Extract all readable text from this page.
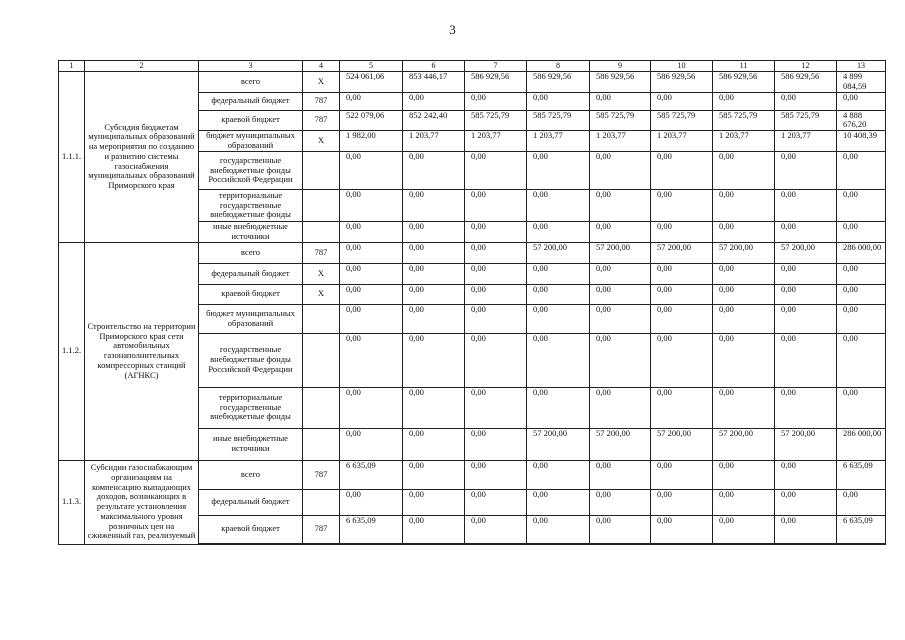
3
1	2	3	4	5	6	7	8	9	10	11	12	13
1.1.1.	Субсидия бюджетам муниципальных образований на мероприятия по созданию и развитию системы газоснабжения муниципальных образований Приморского края	всего	X	524 061,06	853 446,17	586 929,56	586 929,56	586 929,56	586 929,56	586 929,56	586 929,56	4 899 084,59
		федеральный бюджет	787	0,00	0,00	0,00	0,00	0,00	0,00	0,00	0,00	0,00
		краевой бюджет	787	522 079,06	852 242,40	585 725,79	585 725,79	585 725,79	585 725,79	585 725,79	585 725,79	4 888 676,20
		бюджет муниципальных образований	X	1 982,00	1 203,77	1 203,77	1 203,77	1 203,77	1 203,77	1 203,77	1 203,77	10 408,39
		государственные внебюджетные фонды Российской Федерации		0,00	0,00	0,00	0,00	0,00	0,00	0,00	0,00	0,00
		территориальные государственные внебюджетные фонды		0,00	0,00	0,00	0,00	0,00	0,00	0,00	0,00	0,00
		иные внебюджетные источники		0,00	0,00	0,00	0,00	0,00	0,00	0,00	0,00	0,00
1.1.2.	Строительство на территории Приморского края сети автомобильных газонаполнительных компрессорных станций (АГНКС)	всего	787	0,00	0,00	0,00	57 200,00	57 200,00	57 200,00	57 200,00	57 200,00	286 000,00
		федеральный бюджет	X	0,00	0,00	0,00	0,00	0,00	0,00	0,00	0,00	0,00
		краевой бюджет	X	0,00	0,00	0,00	0,00	0,00	0,00	0,00	0,00	0,00
		бюджет муниципальных образований		0,00	0,00	0,00	0,00	0,00	0,00	0,00	0,00	0,00
		государственные внебюджетные фонды Российской Федерации		0,00	0,00	0,00	0,00	0,00	0,00	0,00	0,00	0,00
		территориальные государственные внебюджетные фонды		0,00	0,00	0,00	0,00	0,00	0,00	0,00	0,00	0,00
		иные внебюджетные источники		0,00	0,00	0,00	57 200,00	57 200,00	57 200,00	57 200,00	57 200,00	286 000,00
1.1.3.	Субсидии газоснабжающим организациям на компенсацию выпадающих доходов, возникающих в результате установления максимального уровня розничных цен на сжиженный газ, реализуемый	всего	787	6 635,09	0,00	0,00	0,00	0,00	0,00	0,00	0,00	6 635,09
		федеральный бюджет		0,00	0,00	0,00	0,00	0,00	0,00	0,00	0,00	0,00
		краевой бюджет	787	6 635,09	0,00	0,00	0,00	0,00	0,00	0,00	0,00	6 635,09
